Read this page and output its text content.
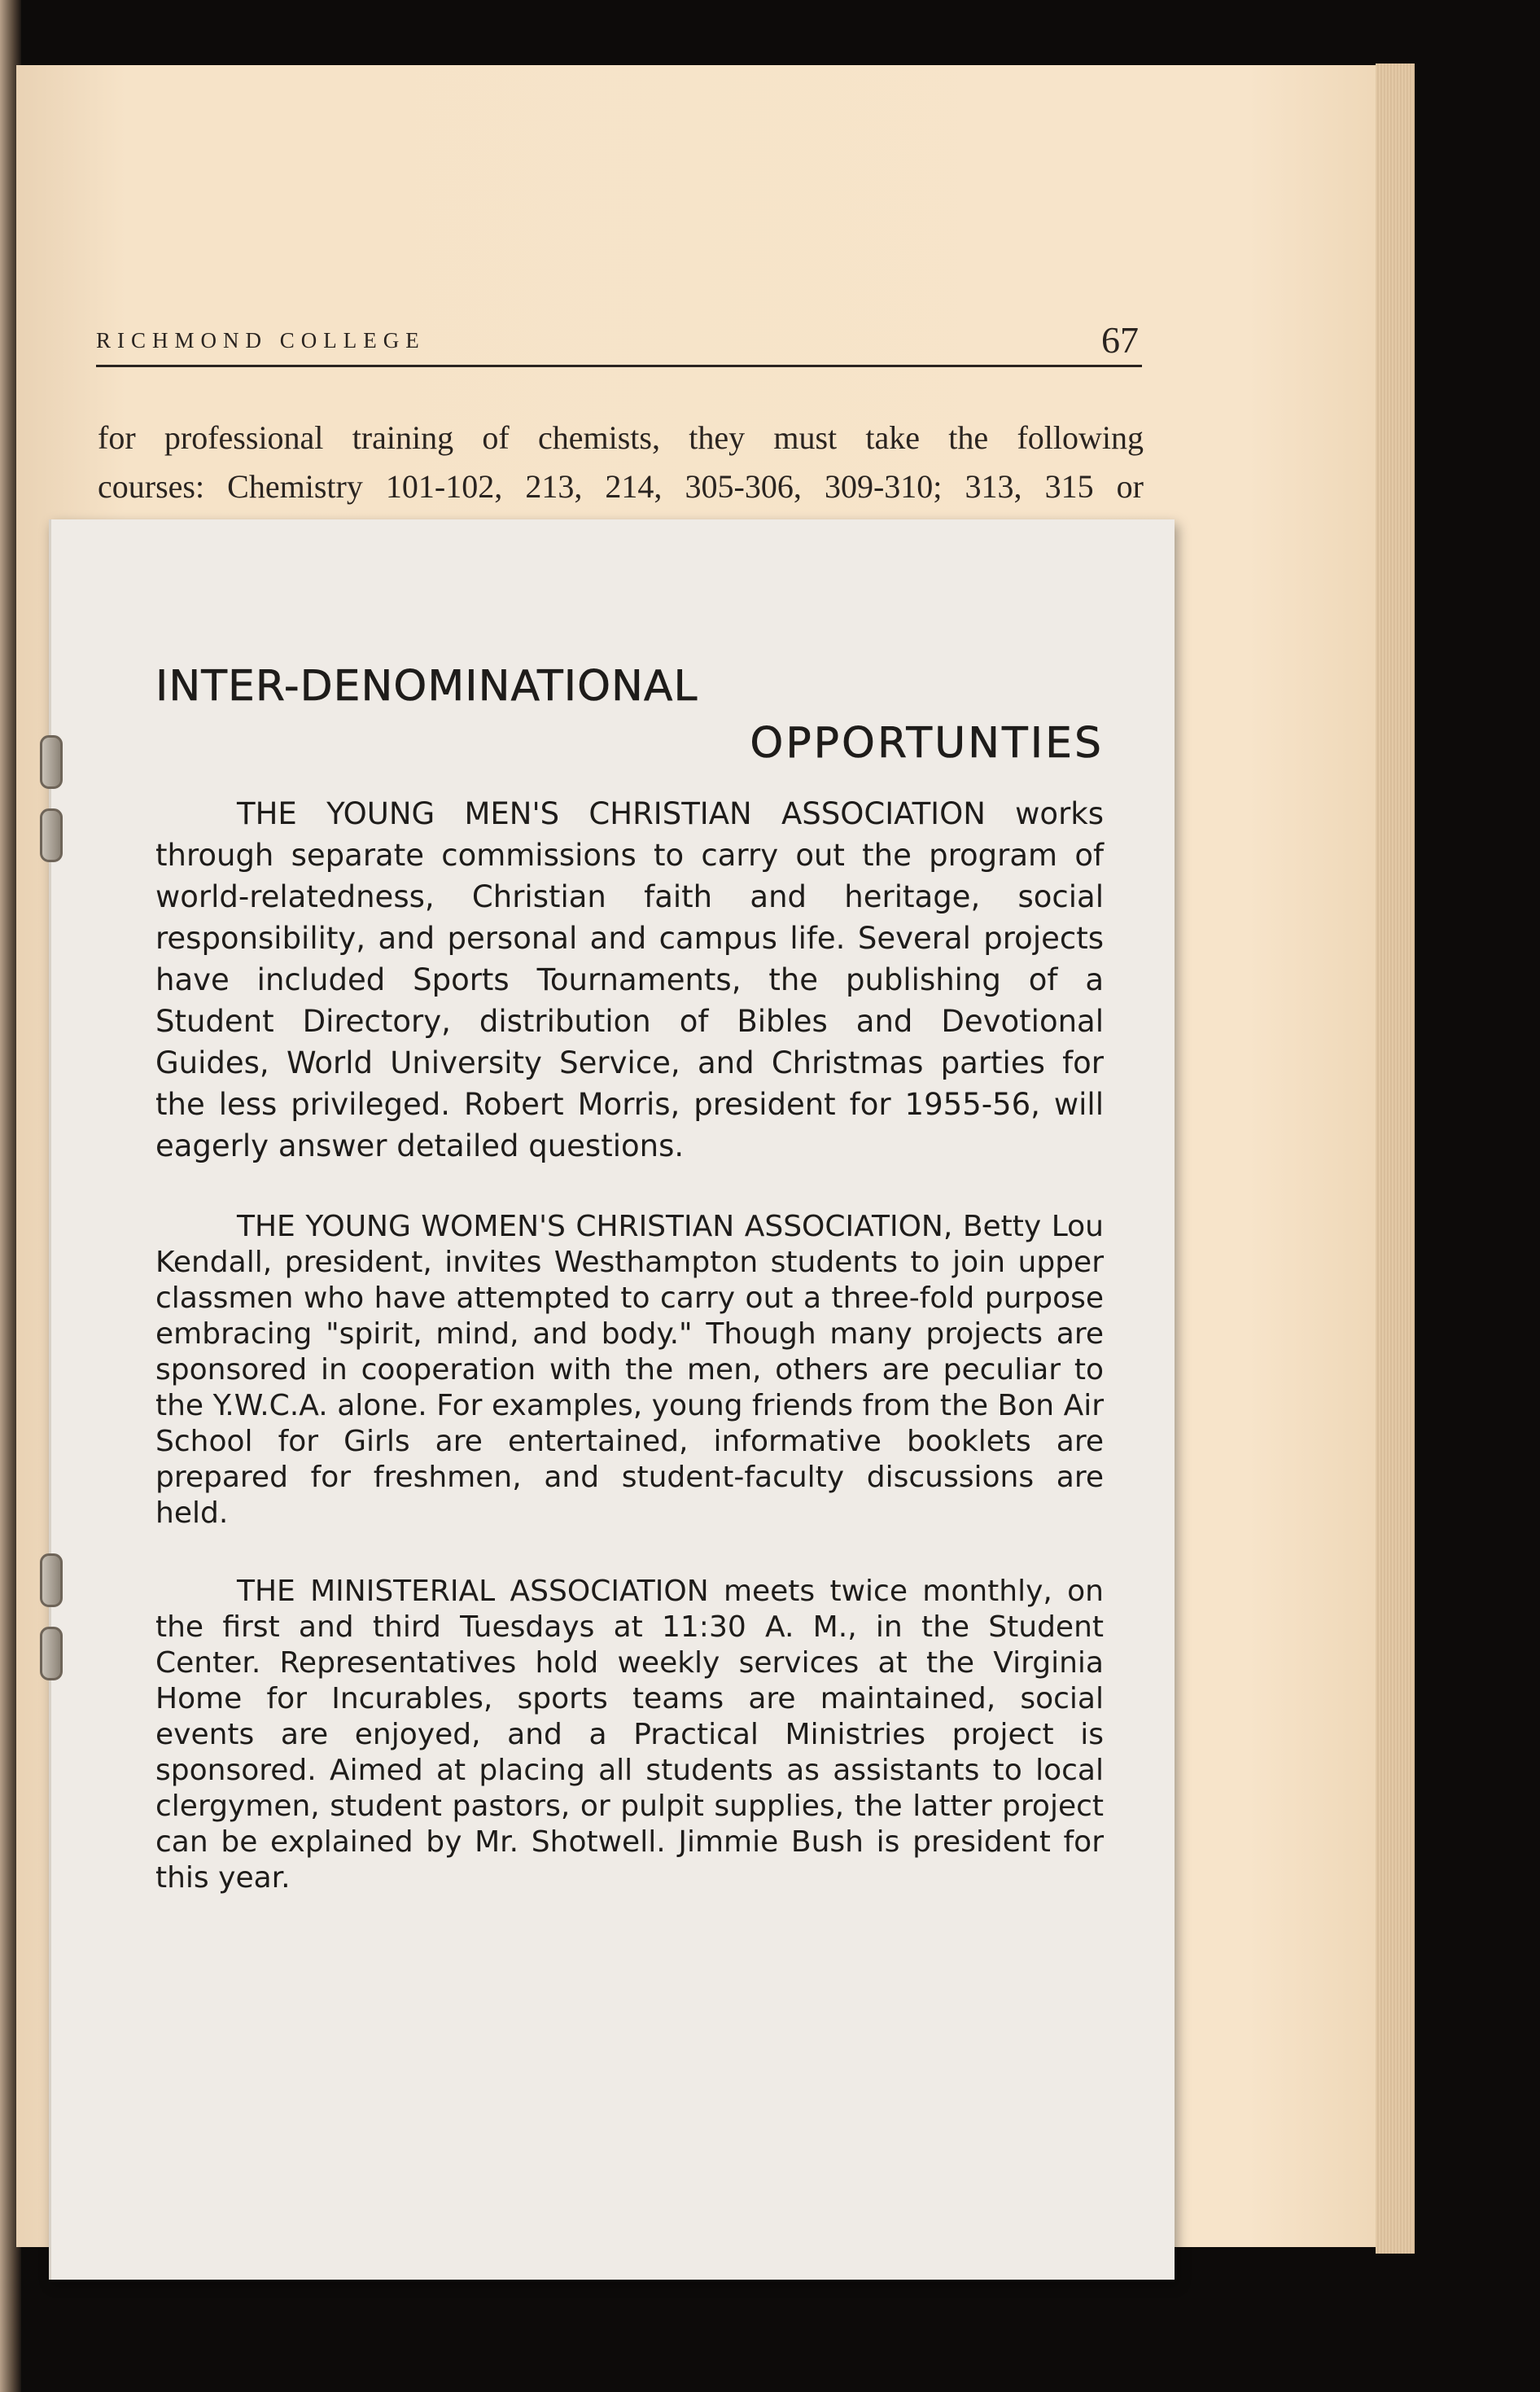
RICHMOND COLLEGE	67
for professional training of chemists, they must take the following
courses: Chemistry 101-102, 213, 214, 305-306, 309-310; 313, 315 or
INTER-DENOMINATIONAL
OPPORTUNTIES

THE YOUNG MEN'S CHRISTIAN ASSOCIATION works through separate commissions to carry out the program of world-relatedness, Christian faith and heritage, social responsibility, and personal and campus life. Several projects have included Sports Tournaments, the publishing of a Student Directory, distribution of Bibles and Devotional Guides, World University Service, and Christmas parties for the less privileged. Robert Morris, president for 1955-56, will eagerly answer detailed questions.

THE YOUNG WOMEN'S CHRISTIAN ASSOCIATION, Betty Lou Kendall, president, invites Westhampton students to join upper classmen who have attempted to carry out a three-fold purpose embracing "spirit, mind, and body." Though many projects are sponsored in cooperation with the men, others are peculiar to the Y.W.C.A. alone. For examples, young friends from the Bon Air School for Girls are entertained, informative booklets are prepared for freshmen, and student-faculty discussions are held.

THE MINISTERIAL ASSOCIATION meets twice monthly, on the first and third Tuesdays at 11:30 A. M., in the Student Center. Representatives hold weekly services at the Virginia Home for Incurables, sports teams are maintained, social events are enjoyed, and a Practical Ministries project is sponsored. Aimed at placing all students as assistants to local clergymen, student pastors, or pulpit supplies, the latter project can be explained by Mr. Shotwell. Jimmie Bush is president for this year.
